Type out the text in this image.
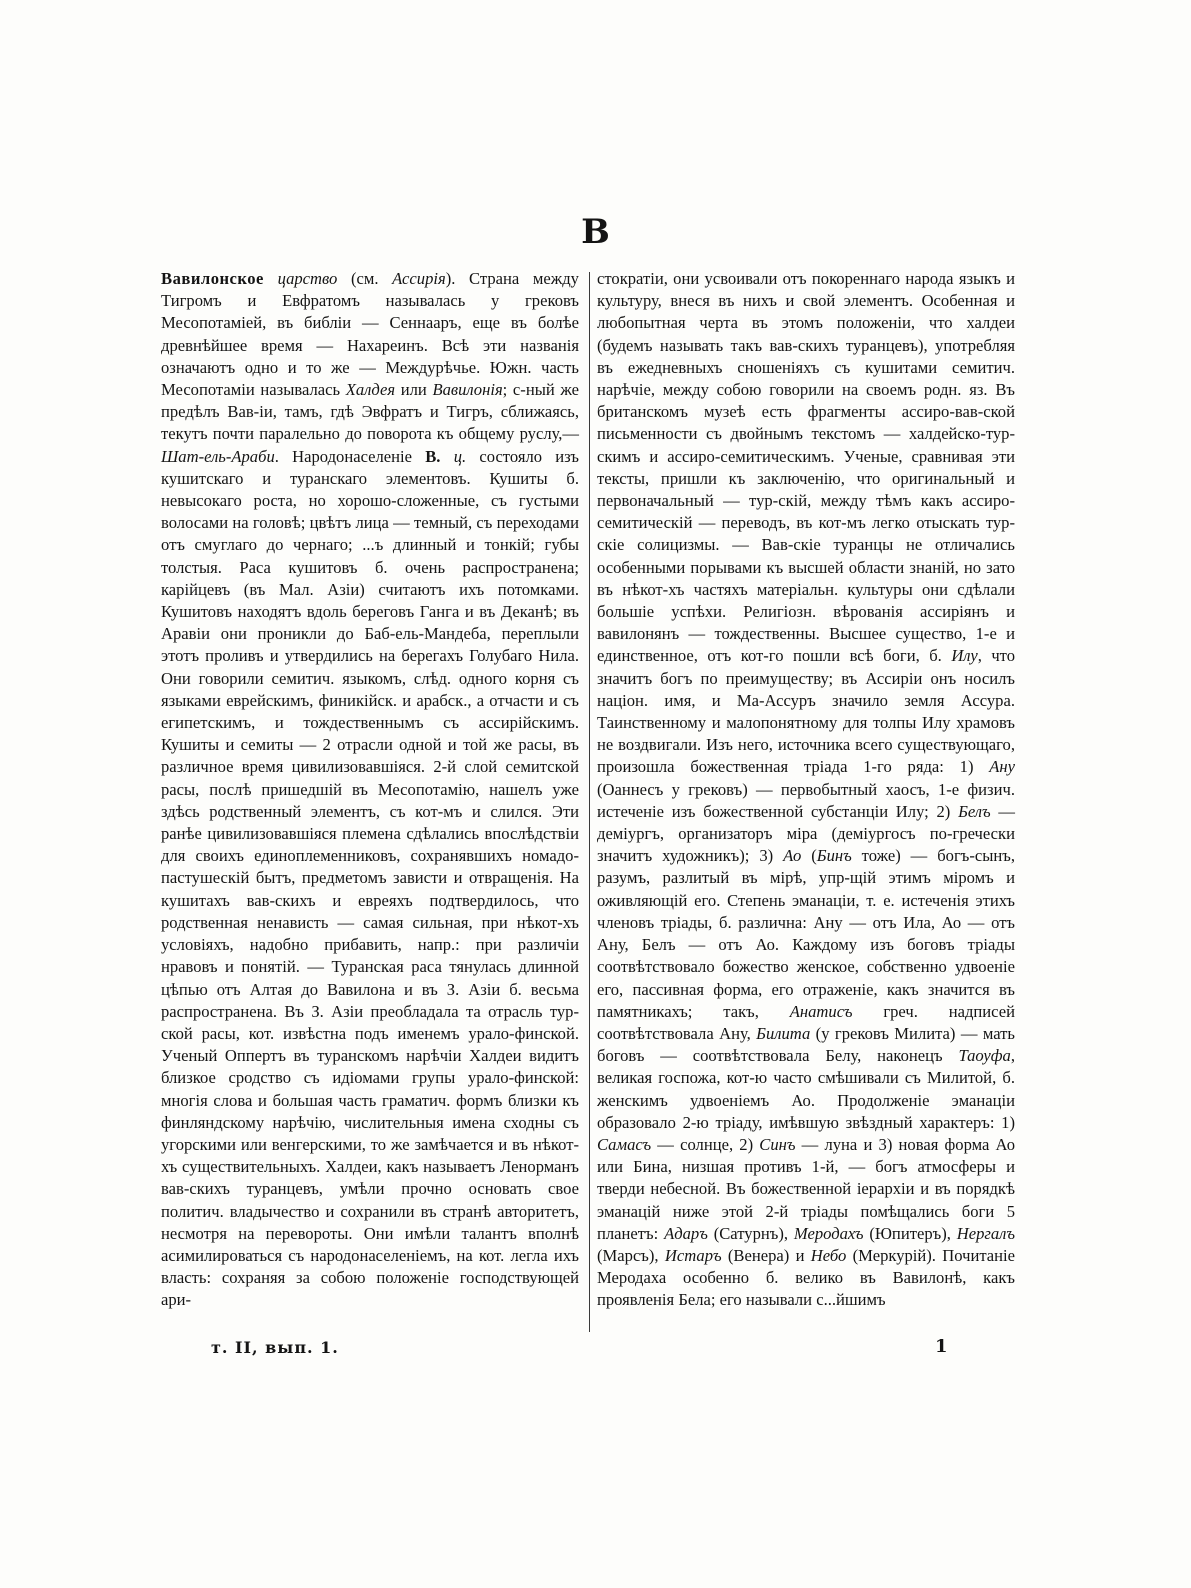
В

Вавилонское царство (см. Ассирія). Страна между Тигромъ и Евфратомъ называлась у грековъ Месопотаміей, въ библіи — Сеннааръ, еще въ болѣе древнѣйшее время — Нахареинъ. Всѣ эти названія означаютъ одно и то же — Междурѣчье. Южн. часть Месопотаміи называлась Халдея или Вавилонія; с-ный же предѣлъ Вав-іи, тамъ, гдѣ Эвфратъ и Тигръ, сближаясь, текутъ почти паралельно до поворота къ общему руслу,—Шат-ель-Араби. Народонаселеніе В. ц. состояло изъ кушитскаго и туранскаго элементовъ. Кушиты б. невысокаго роста, но хорошо-сложенные, съ густыми волосами на головѣ; цвѣтъ лица — темный, съ переходами отъ смуглаго до чернаго; ...ъ длинный и тонкій; губы толстыя. Раса кушитовъ б. очень распространена; карійцевъ (въ Мал. Азіи) считаютъ ихъ потомками. Кушитовъ находятъ вдоль береговъ Ганга и въ Деканѣ; въ Аравіи они проникли до Баб-ель-Мандеба, переплыли этотъ проливъ и утвердились на берегахъ Голубаго Нила. Они говорили семитич. языкомъ, слѣд. одного корня съ языками еврейскимъ, финикійск. и арабск., а отчасти и съ египетскимъ, и тождественнымъ съ ассирійскимъ. Кушиты и семиты — 2 отрасли одной и той же расы, въ различное время цивилизовавшіяся. 2-й слой семитской расы, послѣ пришедшій въ Месопотамію, нашелъ уже здѣсь родственный элементъ, съ кот-мъ и слился. Эти ранѣе цивилизовавшіяся племена сдѣлались впослѣдствіи для своихъ единоплеменниковъ, сохранявшихъ номадо-пастушескій бытъ, предметомъ зависти и отвращенія. На кушитахъ вав-скихъ и евреяхъ подтвердилось, что родственная ненависть — самая сильная, при нѣкот-хъ условіяхъ, надобно прибавить, напр.: при различіи нравовъ и понятій. — Туранская раса тянулась длинной цѣпью отъ Алтая до Вавилона и въ З. Азіи б. весьма распространена. Въ З. Азіи преобладала та отрасль тур-ской расы, кот. извѣстна подъ именемъ урало-финской. Ученый Оппертъ въ туранскомъ нарѣчіи Халдеи видитъ близкое сродство съ идіомами групы урало-финской: многія слова и большая часть граматич. формъ близки къ финляндскому нарѣчію, числительныя имена сходны съ угорскими или венгерскими, то же замѣчается и въ нѣкот-хъ существительныхъ. Халдеи, какъ называетъ Ленорманъ вав-скихъ туранцевъ, умѣли прочно основать свое политич. владычество и сохранили въ странѣ авторитетъ, несмотря на перевороты. Они имѣли талантъ вполнѣ асимилироваться съ народонаселеніемъ, на кот. легла ихъ власть: сохраняя за собою положеніе господствующей ари-

стократіи, они усвоивали отъ покореннаго народа языкъ и культуру, внеся въ нихъ и свой элементъ. Особенная и любопытная черта въ этомъ положеніи, что халдеи (будемъ называть такъ вав-скихъ туранцевъ), употребляя въ ежедневныхъ сношеніяхъ съ кушитами семитич. нарѣчіе, между собою говорили на своемъ родн. яз. Въ британскомъ музеѣ есть фрагменты ассиро-вав-ской письменности съ двойнымъ текстомъ — халдейско-тур-скимъ и ассиро-семитическимъ. Ученые, сравнивая эти тексты, пришли къ заключенію, что оригинальный и первоначальный — тур-скій, между тѣмъ какъ ассиро-семитическій — переводъ, въ кот-мъ легко отыскать тур-скіе солицизмы. — Вав-скіе туранцы не отличались особенными порывами къ высшей области знаній, но зато въ нѣкот-хъ частяхъ матеріальн. культуры они сдѣлали большіе успѣхи. Религіозн. вѣрованія ассиріянъ и вавилонянъ — тождественны. Высшее существо, 1-е и единственное, отъ кот-го пошли всѣ боги, б. Илу, что значитъ богъ по преимуществу; въ Ассиріи онъ носилъ націон. имя, и Ма-Ассуръ значило земля Ассура. Таинственному и малопонятному для толпы Илу храмовъ не воздвигали. Изъ него, источника всего существующаго, произошла божественная тріада 1-го ряда: 1) Ану (Оаннесъ у грековъ) — первобытный хаосъ, 1-е физич. истеченіе изъ божественной субстанціи Илу; 2) Белъ — деміургъ, организаторъ міра (деміургосъ по-гречески значитъ художникъ); 3) Ао (Бинъ тоже) — богъ-сынъ, разумъ, разлитый въ мірѣ, упр-щій этимъ міромъ и оживляющій его. Степень эманаціи, т. е. истеченія этихъ членовъ тріады, б. различна: Ану — отъ Ила, Ао — отъ Ану, Белъ — отъ Ао. Каждому изъ боговъ тріады соотвѣтствовало божество женское, собственно удвоеніе его, пассивная форма, его отраженіе, какъ значится въ памятникахъ; такъ, Анатисъ греч. надписей соотвѣтствовала Ану, Билита (у грековъ Милита) — мать боговъ — соотвѣтствовала Белу, наконецъ Таоуфа, великая госпожа, кот-ю часто смѣшивали съ Милитой, б. женскимъ удвоеніемъ Ао. Продолженіе эманаціи образовало 2-ю тріаду, имѣвшую звѣздный характеръ: 1) Самасъ — солнце, 2) Синъ — луна и 3) новая форма Ао или Бина, низшая противъ 1-й, — богъ атмосферы и тверди небесной. Въ божественной іерархіи и въ порядкѣ эманацій ниже этой 2-й тріады помѣщались боги 5 планетъ: Адаръ (Сатурнъ), Меродахъ (Юпитеръ), Нергалъ (Марсъ), Истаръ (Венера) и Небо (Меркурій). Почитаніе Меродаха особенно б. велико въ Вавилонѣ, какъ проявленія Бела; его называли с...йшимъ

т. II, вып. 1.	1
